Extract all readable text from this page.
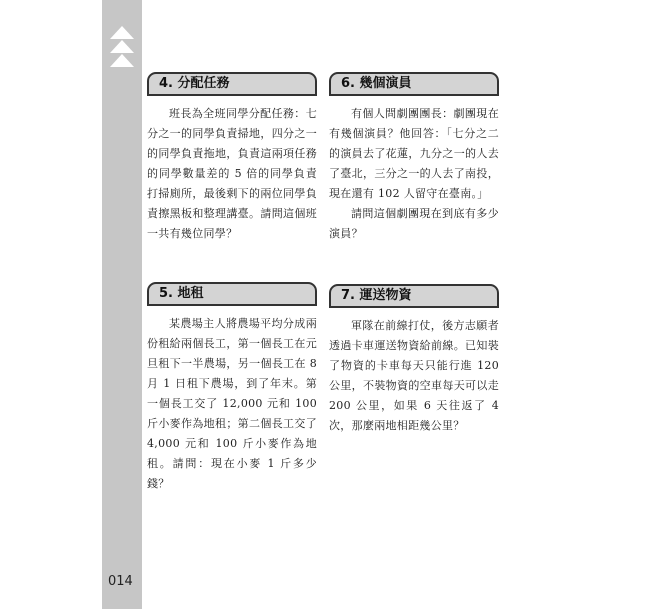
014
4. 分配任務

班長為全班同學分配任務：七分之一的同學負責掃地，四分之一的同學負責拖地，負責這兩項任務的同學數量差的 5 倍的同學負責打掃廁所，最後剩下的兩位同學負責擦黑板和整理講臺。請問這個班一共有幾位同學？

6. 幾個演員

有個人問劇團團長：劇團現在有幾個演員？他回答：「七分之二的演員去了花蓮，九分之一的人去了臺北，三分之一的人去了南投，現在還有 102 人留守在臺南。」

請問這個劇團現在到底有多少演員？

5. 地租

某農場主人將農場平均分成兩份租給兩個長工，第一個長工在元旦租下一半農場，另一個長工在 8 月 1 日租下農場，到了年末。第一個長工交了 12,000 元和 100 斤小麥作為地租；第二個長工交了 4,000 元和 100 斤小麥作為地租。請問：現在小麥 1 斤多少錢？

7. 運送物資

軍隊在前線打仗，後方志願者透過卡車運送物資給前線。已知裝了物資的卡車每天只能行進 120 公里，不裝物資的空車每天可以走 200 公里，如果 6 天往返了 4 次，那麼兩地相距幾公里？
